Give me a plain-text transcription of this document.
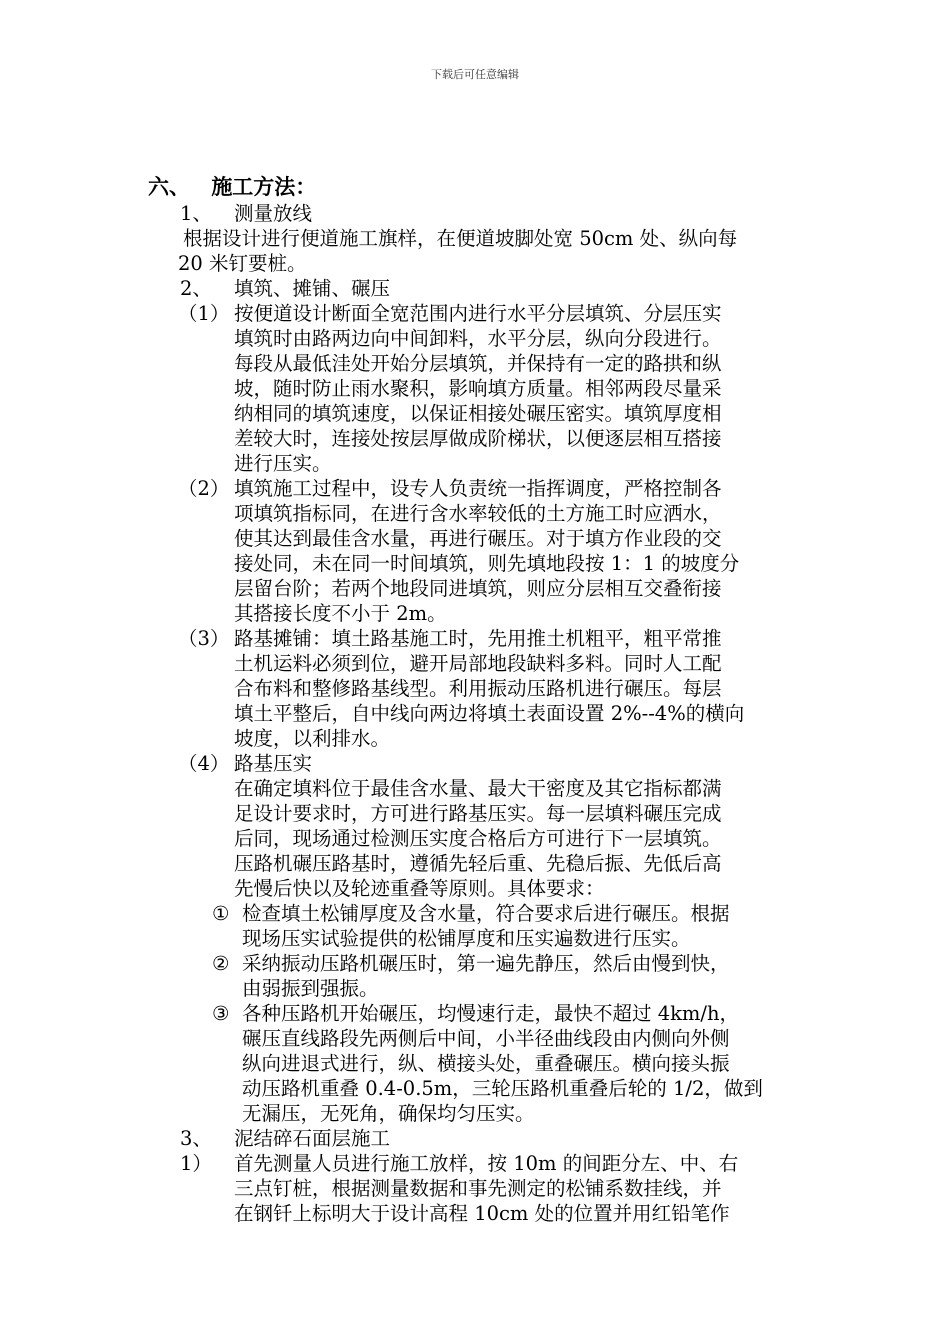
下载后可任意编辑
六、 施工方法：
1、 测量放线
根据设计进行便道施工旗样，在便道坡脚处宽 50cm 处、纵向每
20 米钉要桩。
2、 填筑、摊铺、碾压
（1） 按便道设计断面全宽范围内进行水平分层填筑、分层压实
填筑时由路两边向中间卸料，水平分层，纵向分段进行。
每段从最低洼处开始分层填筑，并保持有一定的路拱和纵
坡，随时防止雨水聚积，影响填方质量。相邻两段尽量采
纳相同的填筑速度，以保证相接处碾压密实。填筑厚度相
差较大时，连接处按层厚做成阶梯状，以便逐层相互搭接
进行压实。
（2） 填筑施工过程中，设专人负责统一指挥调度，严格控制各
项填筑指标同，在进行含水率较低的土方施工时应洒水，
使其达到最佳含水量，再进行碾压。对于填方作业段的交
接处同，未在同一时间填筑，则先填地段按 1：1 的坡度分
层留台阶；若两个地段同进填筑，则应分层相互交叠衔接
其搭接长度不小于 2m。
（3） 路基摊铺：填土路基施工时，先用推土机粗平，粗平常推
土机运料必须到位，避开局部地段缺料多料。同时人工配
合布料和整修路基线型。利用振动压路机进行碾压。每层
填土平整后，自中线向两边将填土表面设置 2%--4%的横向
坡度，以利排水。
（4） 路基压实
在确定填料位于最佳含水量、最大干密度及其它指标都满
足设计要求时，方可进行路基压实。每一层填料碾压完成
后同，现场通过检测压实度合格后方可进行下一层填筑。
压路机碾压路基时，遵循先轻后重、先稳后振、先低后高
先慢后快以及轮迹重叠等原则。具体要求：
① 检查填土松铺厚度及含水量，符合要求后进行碾压。根据
现场压实试验提供的松铺厚度和压实遍数进行压实。
② 采纳振动压路机碾压时，第一遍先静压，然后由慢到快，
由弱振到强振。
③ 各种压路机开始碾压，均慢速行走，最快不超过 4km/h，
碾压直线路段先两侧后中间，小半径曲线段由内侧向外侧
纵向进退式进行，纵、横接头处，重叠碾压。横向接头振
动压路机重叠 0.4-0.5m，三轮压路机重叠后轮的 1/2，做到
无漏压，无死角，确保均匀压实。
3、 泥结碎石面层施工
1） 首先测量人员进行施工放样，按 10m 的间距分左、中、右
三点钉桩，根据测量数据和事先测定的松铺系数挂线，并
在钢钎上标明大于设计高程 10cm 处的位置并用红铅笔作
